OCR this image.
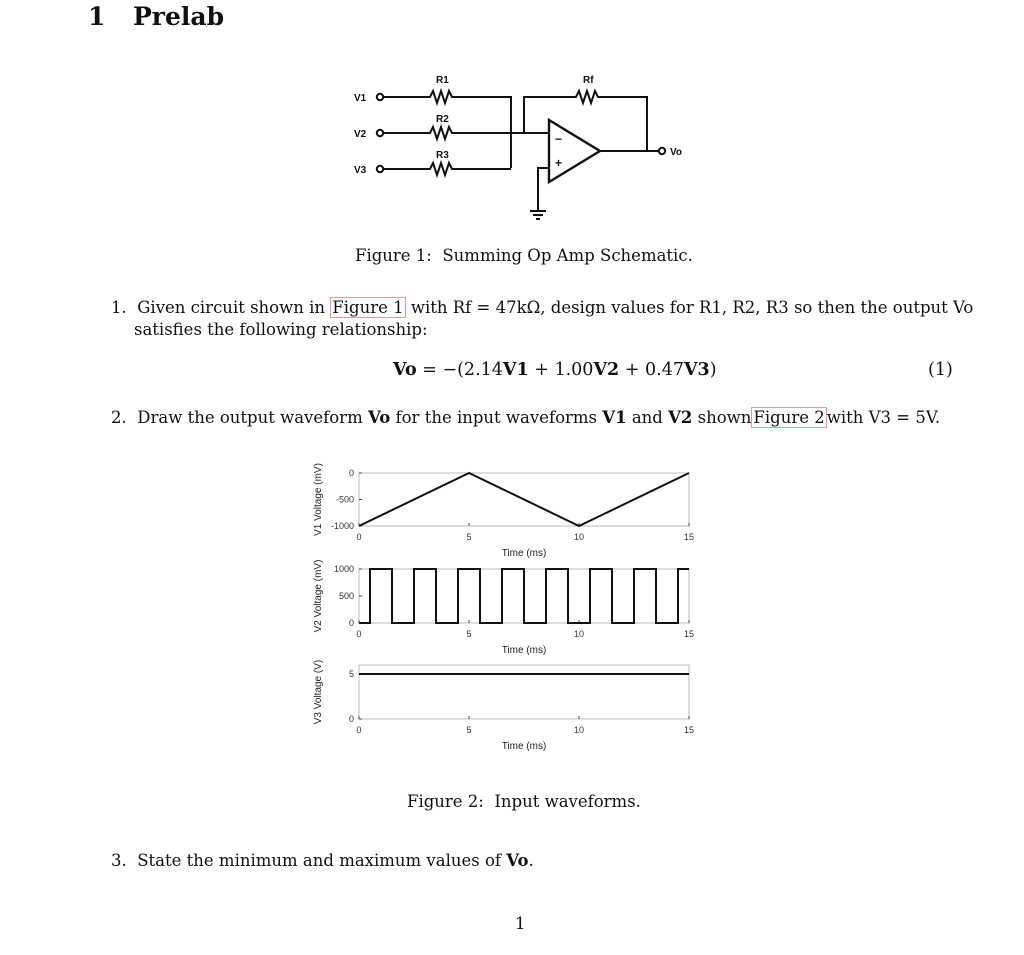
1 Prelab
V1
V2
V3
R1
R2
R3
Rf
Vo
−
+
Figure 1: Summing Op Amp Schematic.
1. Given circuit shown in Figure 1 with Rf = 47kΩ, design values for R1, R2, R3 so then the output Vo
satisfies the following relationship:
Vo = −(2.14V1 + 1.00V2 + 0.47V3)	(1)
2. Draw the output waveform Vo for the input waveforms V1 and V2 shown Figure 2 with V3 = 5V.
0	5	10	15
0
-500
-1000
Time (ms)
V1 Voltage (mV)
0	5	10	15
1000
500
0
Time (ms)
V2 Voltage (mV)
0	5	10	15
5
0
Time (ms)
V3 Voltage (V)
Figure 2: Input waveforms.
3. State the minimum and maximum values of Vo.
1
